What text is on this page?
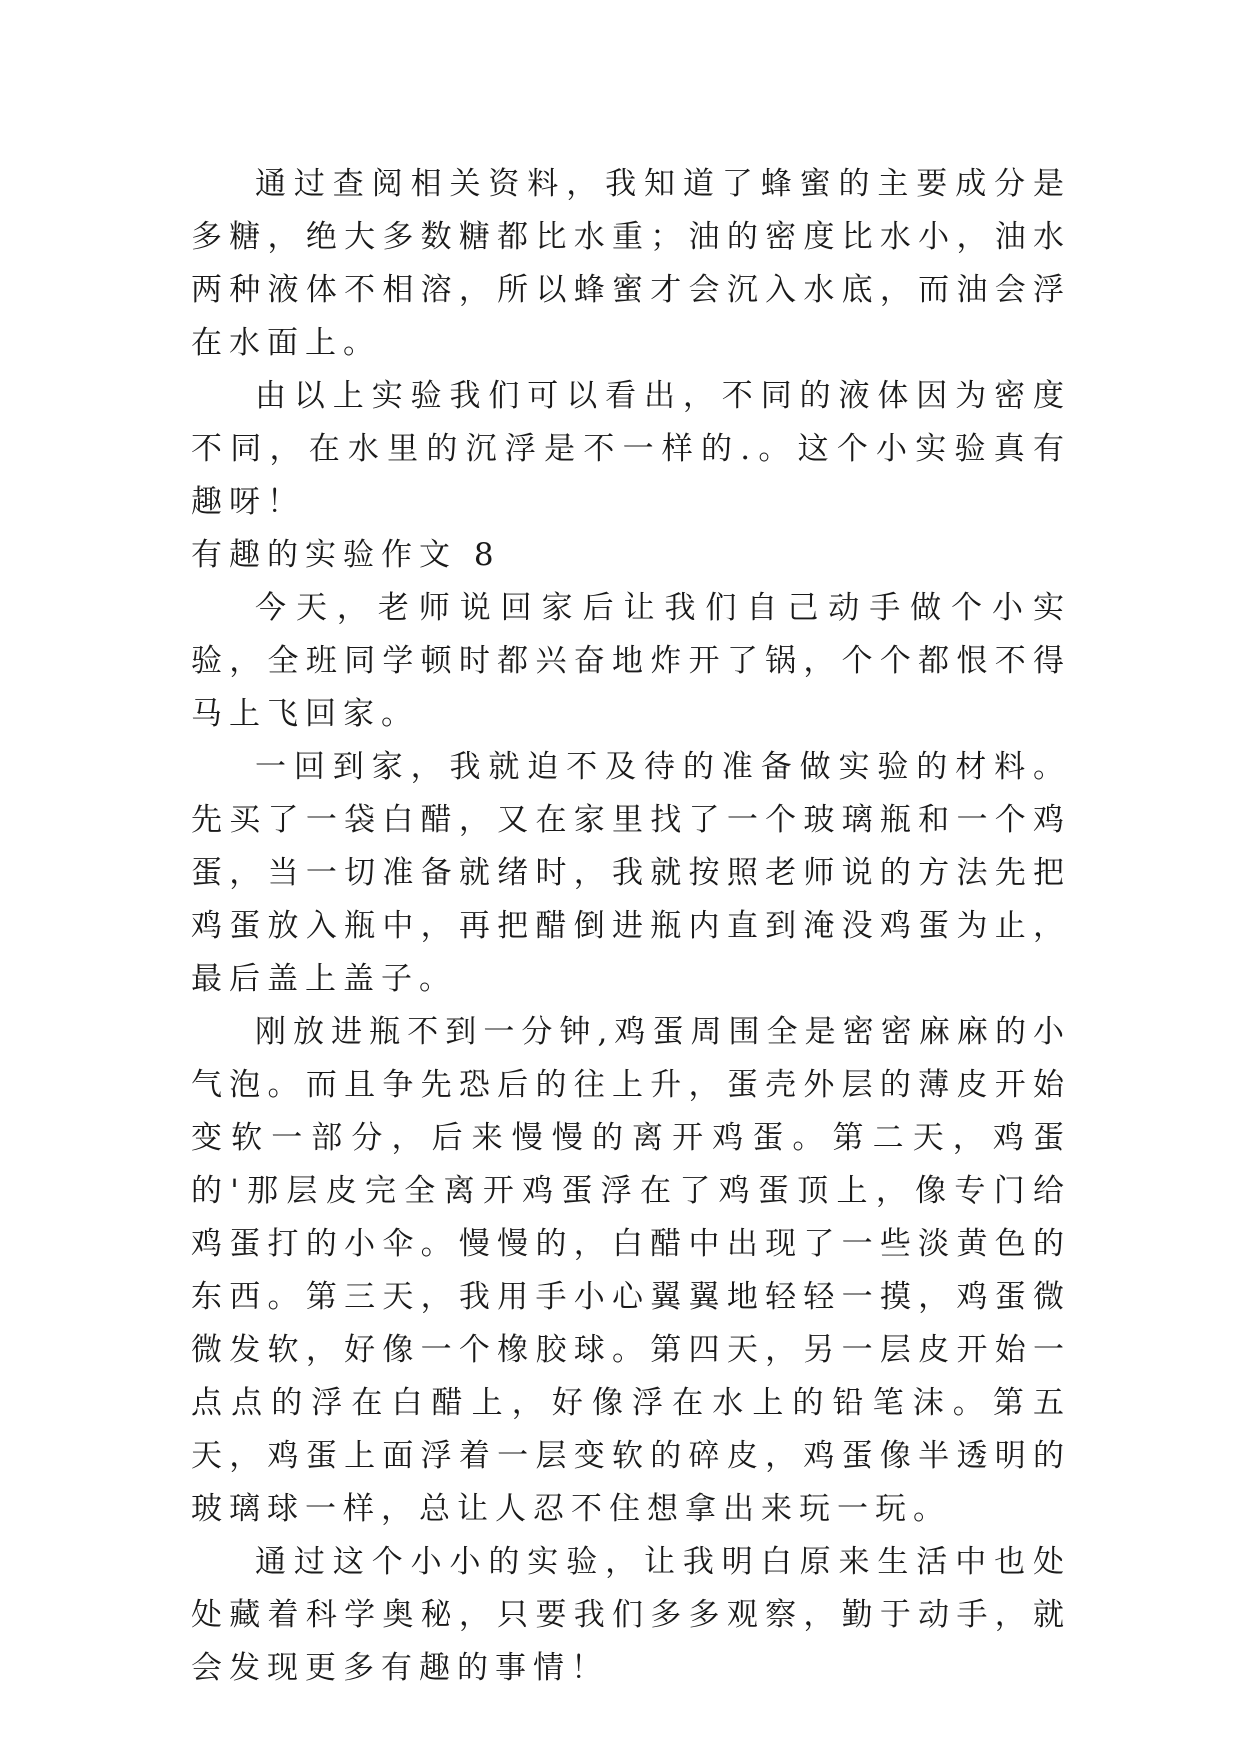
通过查阅相关资料，我知道了蜂蜜的主要成分是多糖，绝大多数糖都比水重；油的密度比水小，油水两种液体不相溶，所以蜂蜜才会沉入水底，而油会浮在水面上。

由以上实验我们可以看出，不同的液体因为密度不同，在水里的沉浮是不一样的.。这个小实验真有趣呀！

有趣的实验作文 8

今天，老师说回家后让我们自己动手做个小实验，全班同学顿时都兴奋地炸开了锅，个个都恨不得马上飞回家。

一回到家，我就迫不及待的准备做实验的材料。先买了一袋白醋，又在家里找了一个玻璃瓶和一个鸡蛋，当一切准备就绪时，我就按照老师说的方法先把鸡蛋放入瓶中，再把醋倒进瓶内直到淹没鸡蛋为止，最后盖上盖子。

刚放进瓶不到一分钟,鸡蛋周围全是密密麻麻的小气泡。而且争先恐后的往上升，蛋壳外层的薄皮开始变软一部分，后来慢慢的离开鸡蛋。第二天，鸡蛋的'那层皮完全离开鸡蛋浮在了鸡蛋顶上，像专门给鸡蛋打的小伞。慢慢的，白醋中出现了一些淡黄色的东西。第三天，我用手小心翼翼地轻轻一摸，鸡蛋微微发软，好像一个橡胶球。第四天，另一层皮开始一点点的浮在白醋上，好像浮在水上的铅笔沫。第五天，鸡蛋上面浮着一层变软的碎皮，鸡蛋像半透明的玻璃球一样，总让人忍不住想拿出来玩一玩。

通过这个小小的实验，让我明白原来生活中也处处藏着科学奥秘，只要我们多多观察，勤于动手，就会发现更多有趣的事情！
